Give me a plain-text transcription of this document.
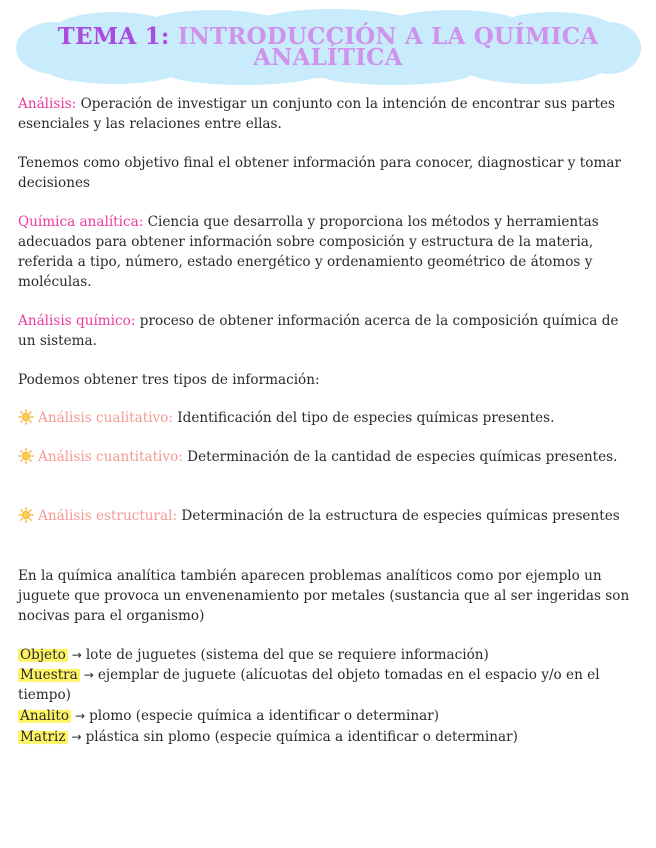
TEMA 1: INTRODUCCIÓN A LA QUÍMICA ANALÍTICA

Análisis: Operación de investigar un conjunto con la intención de encontrar sus partes esenciales y las relaciones entre ellas.

Tenemos como objetivo final el obtener información para conocer, diagnosticar y tomar decisiones

Química analítica: Ciencia que desarrolla y proporciona los métodos y herramientas adecuados para obtener información sobre composición y estructura de la materia, referida a tipo, número, estado energético y ordenamiento geométrico de átomos y moléculas.

Análisis químico: proceso de obtener información acerca de la composición química de un sistema.

Podemos obtener tres tipos de información:

Análisis cualitativo: Identificación del tipo de especies químicas presentes.

Análisis cuantitativo: Determinación de la cantidad de especies químicas presentes.

Análisis estructural: Determinación de la estructura de especies químicas presentes

En la química analítica también aparecen problemas analíticos como por ejemplo un juguete que provoca un envenenamiento por metales (sustancia que al ser ingeridas son nocivas para el organismo)

Objeto → lote de juguetes (sistema del que se requiere información)

Muestra → ejemplar de juguete (alícuotas del objeto tomadas en el espacio y/o en el tiempo)

Analito → plomo (especie química a identificar o determinar)

Matriz → plástica sin plomo (especie química a identificar o determinar)
